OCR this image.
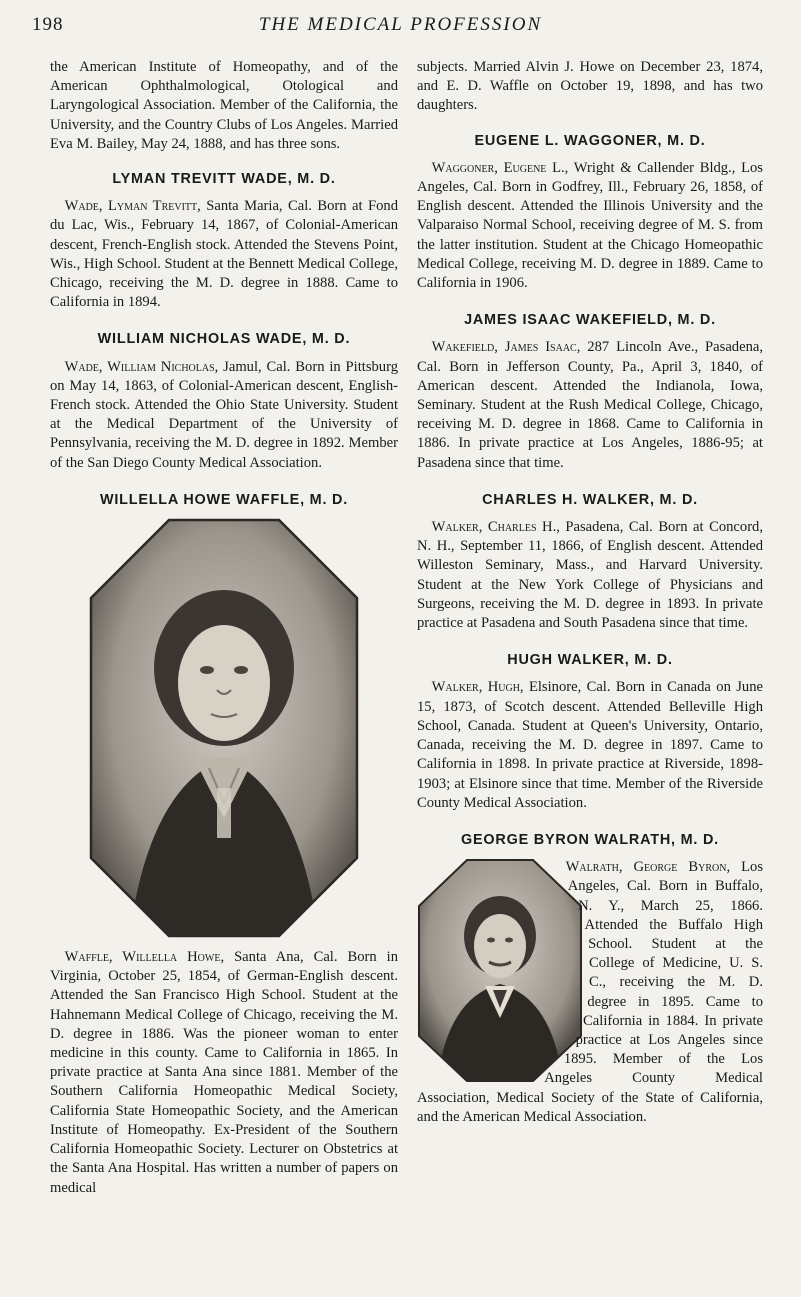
198	THE MEDICAL PROFESSION

the American Institute of Homeopathy, and of the American Ophthalmological, Otological and Laryngological Association. Member of the California, the University, and the Country Clubs of Los Angeles. Married Eva M. Bailey, May 24, 1888, and has three sons.

LYMAN TREVITT WADE, M. D.

 Wade, Lyman Trevitt, Santa Maria, Cal. Born at Fond du Lac, Wis., February 14, 1867, of Colonial-American descent, French-English stock. Attended the Stevens Point, Wis., High School. Student at the Bennett Medical College, Chicago, receiving the M. D. degree in 1888. Came to California in 1894.

WILLIAM NICHOLAS WADE, M. D.

 Wade, William Nicholas, Jamul, Cal. Born in Pittsburg on May 14, 1863, of Colonial-American descent, English-French stock. Attended the Ohio State University. Student at the Medical Department of the University of Pennsylvania, receiving the M. D. degree in 1892. Member of the San Diego County Medical Association.

WILLELLA HOWE WAFFLE, M. D.

 Waffle, Willella Howe, Santa Ana, Cal. Born in Virginia, October 25, 1854, of German-English descent. Attended the San Francisco High School. Student at the Hahnemann Medical College of Chicago, receiving the M. D. degree in 1886. Was the pioneer woman to enter medicine in this county. Came to California in 1865. In private practice at Santa Ana since 1881. Member of the Southern California Homeopathic Medical Society, California State Homeopathic Society, and the American Institute of Homeopathy. Ex-President of the Southern California Homeopathic Society. Lecturer on Obstetrics at the Santa Ana Hospital. Has written a number of papers on medical

subjects. Married Alvin J. Howe on December 23, 1874, and E. D. Waffle on October 19, 1898, and has two daughters.

EUGENE L. WAGGONER, M. D.

 Waggoner, Eugene L., Wright & Callender Bldg., Los Angeles, Cal. Born in Godfrey, Ill., February 26, 1858, of English descent. Attended the Illinois University and the Valparaiso Normal School, receiving degree of M. S. from the latter institution. Student at the Chicago Homeopathic Medical College, receiving M. D. degree in 1889. Came to California in 1906.

JAMES ISAAC WAKEFIELD, M. D.

 Wakefield, James Isaac, 287 Lincoln Ave., Pasadena, Cal. Born in Jefferson County, Pa., April 3, 1840, of American descent. Attended the Indianola, Iowa, Seminary. Student at the Rush Medical College, Chicago, receiving M. D. degree in 1868. Came to California in 1886. In private practice at Los Angeles, 1886-95; at Pasadena since that time.

CHARLES H. WALKER, M. D.

 Walker, Charles H., Pasadena, Cal. Born at Concord, N. H., September 11, 1866, of English descent. Attended Willeston Seminary, Mass., and Harvard University. Student at the New York College of Physicians and Surgeons, receiving the M. D. degree in 1893. In private practice at Pasadena and South Pasadena since that time.

HUGH WALKER, M. D.

 Walker, Hugh, Elsinore, Cal. Born in Canada on June 15, 1873, of Scotch descent. Attended Belleville High School, Canada. Student at Queen's University, Ontario, Canada, receiving the M. D. degree in 1897. Came to California in 1898. In private practice at Riverside, 1898-1903; at Elsinore since that time. Member of the Riverside County Medical Association.

GEORGE BYRON WALRATH, M. D.

 Walrath, George Byron, Los Angeles, Cal. Born in Buffalo, N. Y., March 25, 1866. Attended the Buffalo High School. Student at the College of Medicine, U. S. C., receiving the M. D. degree in 1895. Came to California in 1884. In private practice at Los Angeles since 1895. Member of the Los Angeles County Medical Association, Medical Society of the State of California, and the American Medical Association.
